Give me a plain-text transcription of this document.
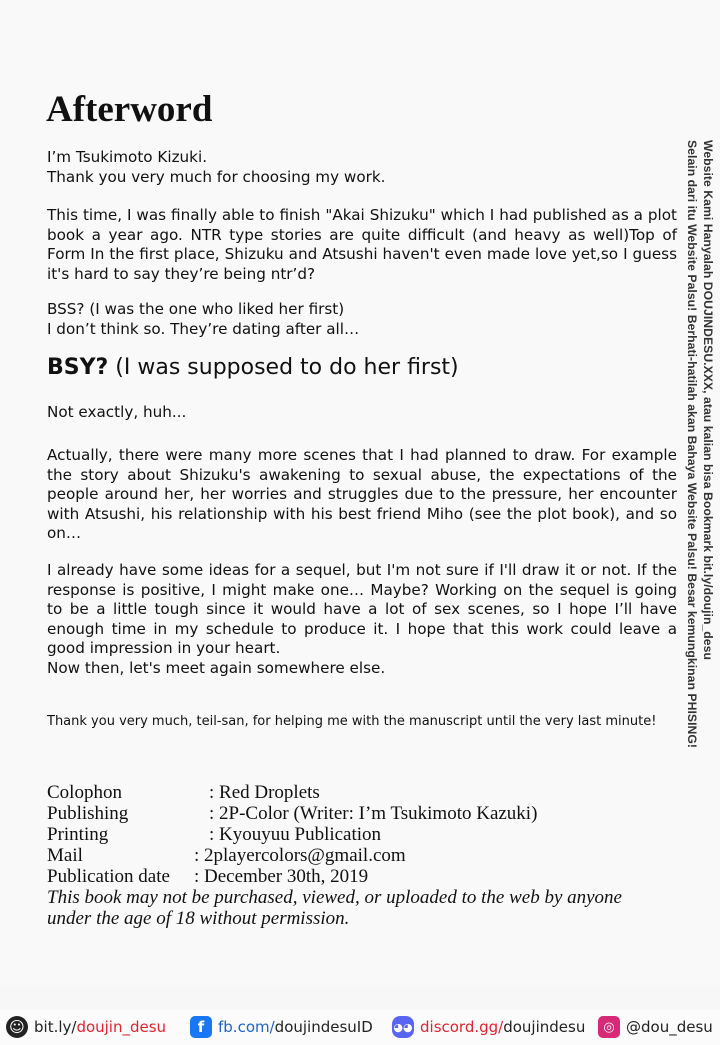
Afterword
I’m Tsukimoto Kizuki.
Thank you very much for choosing my work.

This time, I was finally able to finish "Akai Shizuku" which I had published as a plot book a year ago. NTR type stories are quite difficult (and heavy as well)Top of Form In the first place, Shizuku and Atsushi haven't even made love yet,so I guess it's hard to say they’re being ntr’d?

BSS? (I was the one who liked her first)
I don’t think so. They’re dating after all…

BSY? (I was supposed to do her first)

Not exactly, huh...

Actually, there were many more scenes that I had planned to draw. For example the story about Shizuku's awakening to sexual abuse, the expectations of the people around her, her worries and struggles due to the pressure, her encounter with Atsushi, his relationship with his best friend Miho (see the plot book), and so on…

I already have some ideas for a sequel, but I'm not sure if I'll draw it or not. If the response is positive, I might make one… Maybe? Working on the sequel is going to be a little tough since it would have a lot of sex scenes, so I hope I’ll have enough time in my schedule to produce it. I hope that this work could leave a good impression in your heart.
Now then, let's meet again somewhere else.

Thank you very much, teil-san, for helping me with the manuscript until the very last minute!

Colophon	: Red Droplets
Publishing	: 2P-Color (Writer: I’m Tsukimoto Kazuki)
Printing	: Kyouyuu Publication
Mail	: 2playercolors@gmail.com
Publication date	: December 30th, 2019
This book may not be purchased, viewed, or uploaded to the web by anyone under the age of 18 without permission.
Website Kami Hanyalah DOUJINDESU.XXX, atau kalian bisa Bookmark bit.ly/doujin_desu
Selain dari itu Website Palsu! Berhati-hatilah akan Bahaya Website Palsu! Besar kemungkinan PHISING!
☺ bit.ly/ doujin_desu	f fb.com/ doujindesuID ◕◕ discord.gg/ doujindesu	◎ @dou_desu
